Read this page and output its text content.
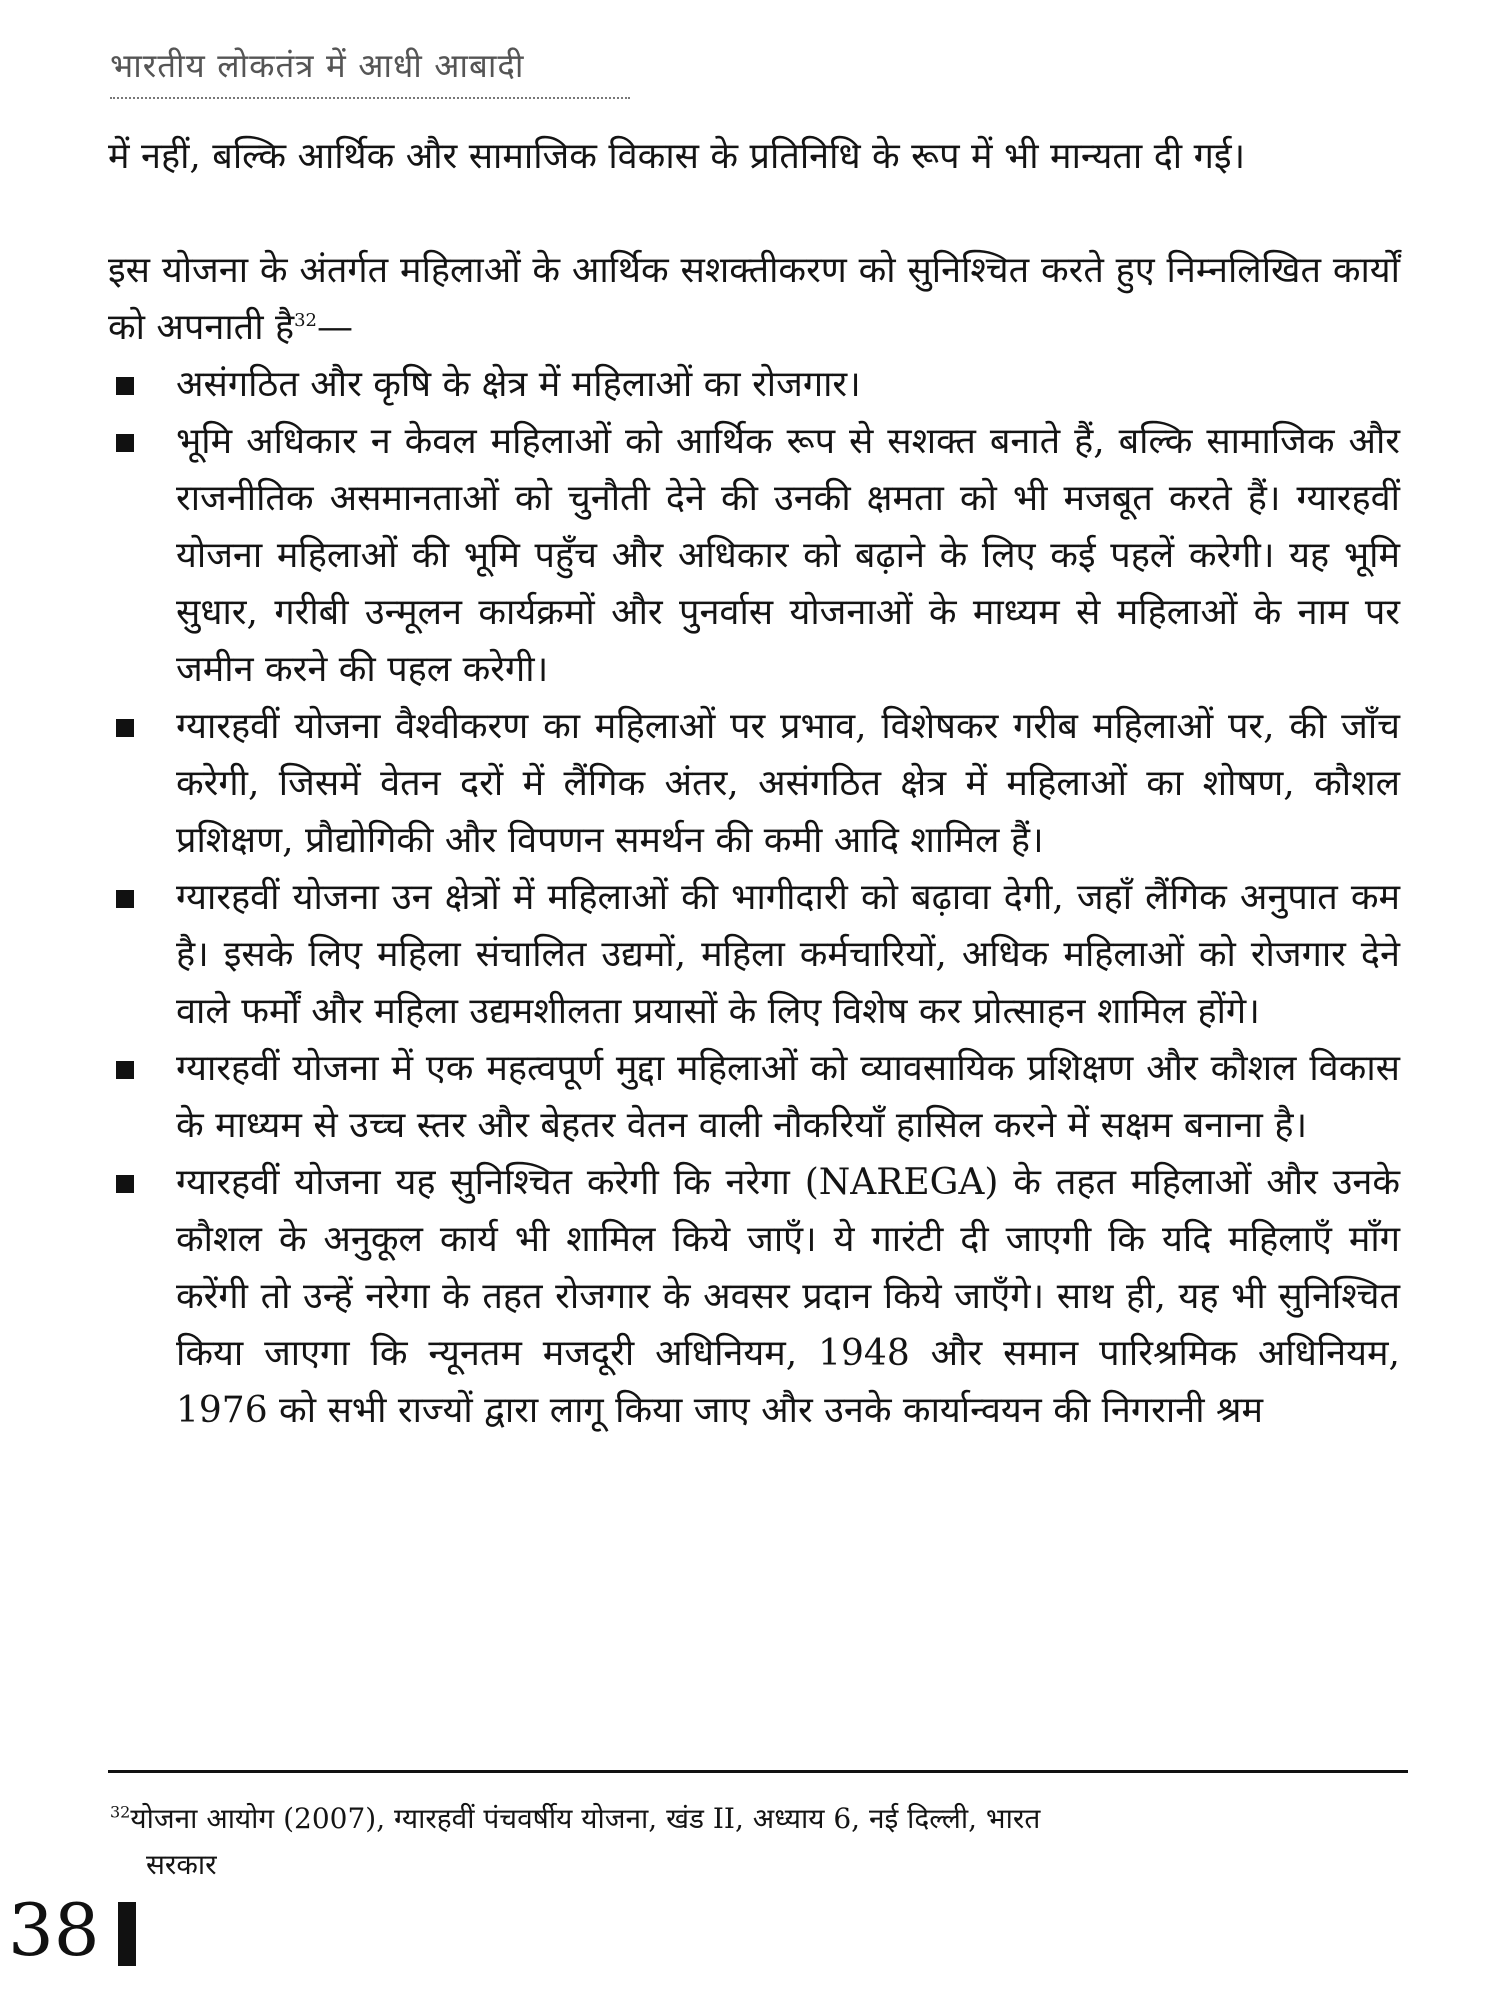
भारतीय लोकतंत्र में आधी आबादी

में नहीं, बल्कि आर्थिक और सामाजिक विकास के प्रतिनिधि के रूप में भी मान्यता दी गई।

इस योजना के अंतर्गत महिलाओं के आर्थिक सशक्तीकरण को सुनिश्चित करते हुए निम्नलिखित कार्यों को अपनाती है$^{32}$—

असंगठित और कृषि के क्षेत्र में महिलाओं का रोजगार।
भूमि अधिकार न केवल महिलाओं को आर्थिक रूप से सशक्त बनाते हैं, बल्कि सामाजिक और राजनीतिक असमानताओं को चुनौती देने की उनकी क्षमता को भी मजबूत करते हैं। ग्यारहवीं योजना महिलाओं की भूमि पहुँच और अधिकार को बढ़ाने के लिए कई पहलें करेगी। यह भूमि सुधार, गरीबी उन्मूलन कार्यक्रमों और पुनर्वास योजनाओं के माध्यम से महिलाओं के नाम पर जमीन करने की पहल करेगी।
ग्यारहवीं योजना वैश्वीकरण का महिलाओं पर प्रभाव, विशेषकर गरीब महिलाओं पर, की जाँच करेगी, जिसमें वेतन दरों में लैंगिक अंतर, असंगठित क्षेत्र में महिलाओं का शोषण, कौशल प्रशिक्षण, प्रौद्योगिकी और विपणन समर्थन की कमी आदि शामिल हैं।
ग्यारहवीं योजना उन क्षेत्रों में महिलाओं की भागीदारी को बढ़ावा देगी, जहाँ लैंगिक अनुपात कम है। इसके लिए महिला संचालित उद्यमों, महिला कर्मचारियों, अधिक महिलाओं को रोजगार देने वाले फर्मों और महिला उद्यमशीलता प्रयासों के लिए विशेष कर प्रोत्साहन शामिल होंगे।
ग्यारहवीं योजना में एक महत्वपूर्ण मुद्दा महिलाओं को व्यावसायिक प्रशिक्षण और कौशल विकास के माध्यम से उच्च स्तर और बेहतर वेतन वाली नौकरियाँ हासिल करने में सक्षम बनाना है।
ग्यारहवीं योजना यह सुनिश्चित करेगी कि नरेगा (NAREGA) के तहत महिलाओं और उनके कौशल के अनुकूल कार्य भी शामिल किये जाएँ। ये गारंटी दी जाएगी कि यदि महिलाएँ माँग करेंगी तो उन्हें नरेगा के तहत रोजगार के अवसर प्रदान किये जाएँगे। साथ ही, यह भी सुनिश्चित किया जाएगा कि न्यूनतम मजदूरी अधिनियम, 1948 और समान पारिश्रमिक अधिनियम, 1976 को सभी राज्यों द्वारा लागू किया जाए और उनके कार्यान्वयन की निगरानी श्रम
$^{32}$योजना आयोग (2007), ग्यारहवीं पंचवर्षीय योजना, खंड II, अध्याय 6, नई दिल्ली, भारत
सरकार
38
